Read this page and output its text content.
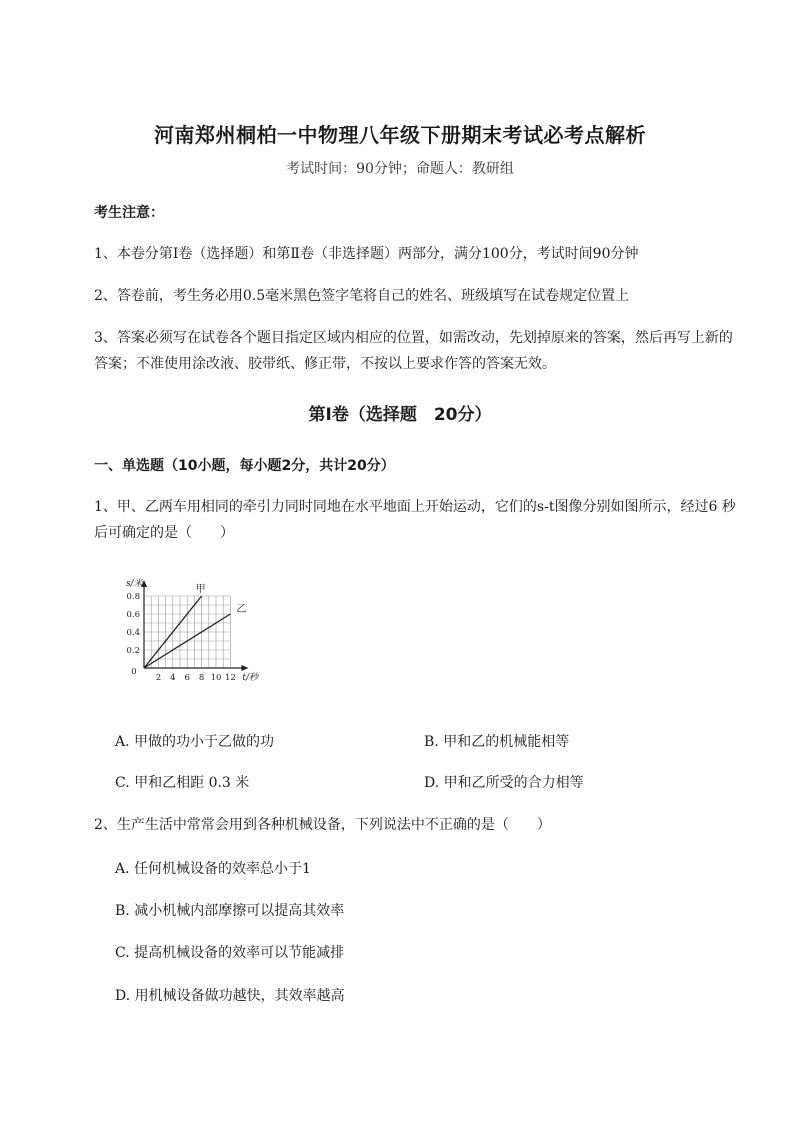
河南郑州桐柏一中物理八年级下册期末考试必考点解析
考试时间：90分钟；命题人：教研组
考生注意：
1、本卷分第I卷（选择题）和第Ⅱ卷（非选择题）两部分，满分100分，考试时间90分钟
2、答卷前，考生务必用0.5毫米黑色签字笔将自己的姓名、班级填写在试卷规定位置上
3、答案必须写在试卷各个题目指定区域内相应的位置，如需改动，先划掉原来的答案，然后再写上新的答案；不准使用涂改液、胶带纸、修正带，不按以上要求作答的答案无效。
第I卷（选择题　20分）
一、单选题（10小题，每小题2分，共计20分）
1、甲、乙两车用相同的牵引力同时同地在水平地面上开始运动，它们的s-t图像分别如图所示，经过6 秒后可确定的是（　　）
甲
乙
2 4 6 8 10 12
0.2
0.4
0.6
0.8
0
s/米
t/秒
A. 甲做的功小于乙做的功	B. 甲和乙的机械能相等
C. 甲和乙相距 0.3 米	D. 甲和乙所受的合力相等
2、生产生活中常常会用到各种机械设备，下列说法中不正确的是（　　）
A. 任何机械设备的效率总小于1
B. 减小机械内部摩擦可以提高其效率
C. 提高机械设备的效率可以节能减排
D. 用机械设备做功越快，其效率越高
